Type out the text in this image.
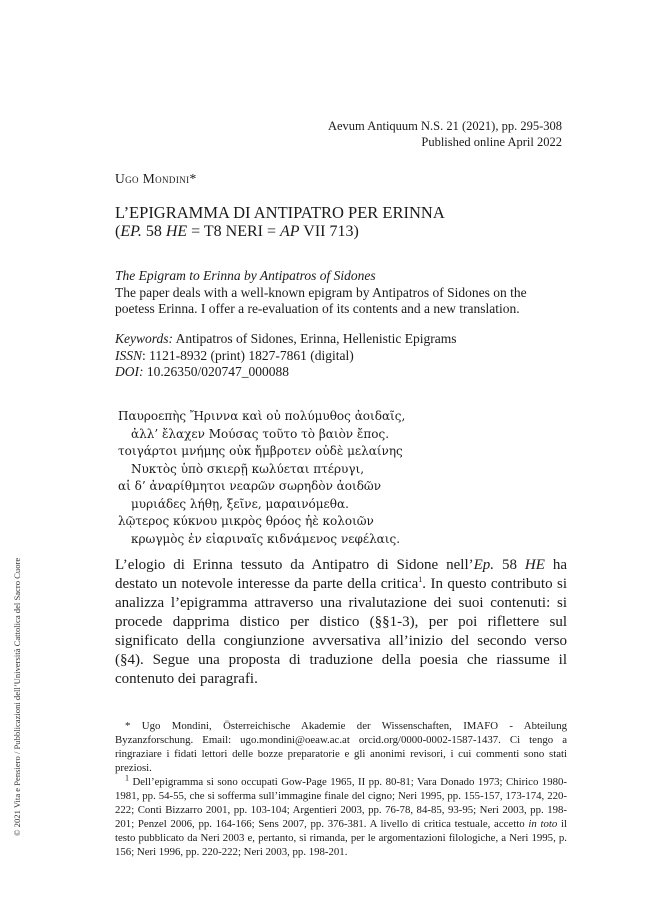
Aevum Antiquum N.S. 21 (2021), pp. 295-308
Published online April 2022
Ugo Mondini*
L’EPIGRAMMA DI ANTIPATRO PER ERINNA
(EP. 58 HE = T8 NERI = AP VII 713)
The Epigram to Erinna by Antipatros of Sidones
The paper deals with a well-known epigram by Antipatros of Sidones on the poetess Erinna. I offer a re-evaluation of its contents and a new translation.
Keywords: Antipatros of Sidones, Erinna, Hellenistic Epigrams
ISSN: 1121-8932 (print) 1827-7861 (digital)
DOI: 10.26350/020747_000088
Παυροεπὴς Ἤριννα καὶ οὐ πολύμυθος ἀοιδαῖς,
ἀλλ’ ἔλαχεν Μούσας τοῦτο τὸ βαιὸν ἔπος.
τοιγάρτοι μνήμης οὐκ ἤμβροτεν οὐδὲ μελαίνης
Νυκτὸς ὑπὸ σκιερῇ κωλύεται πτέρυγι,
αἱ δ’ ἀναρίθμητοι νεαρῶν σωρηδὸν ἀοιδῶν
μυριάδες λήθῃ, ξεῖνε, μαραινόμεθα.
λῷτερος κύκνου μικρὸς θρόος ἠὲ κολοιῶν
κρωγμὸς ἐν εἰαριναῖς κιδνάμενος νεφέλαις.
L’elogio di Erinna tessuto da Antipatro di Sidone nell’Ep. 58 HE ha destato un notevole interesse da parte della critica$^1$. In questo contributo si analizza l’epigramma attraverso una rivalutazione dei suoi contenuti: si procede dapprima distico per distico (§§1-3), per poi riflettere sul significato della congiunzione avversativa all’inizio del secondo verso (§4). Segue una proposta di traduzione della poesia che riassume il contenuto dei paragrafi.

* Ugo Mondini, Österreichische Akademie der Wissenschaften, IMAFO - Abteilung Byzanzforschung. Email: ugo.mondini@oeaw.ac.at orcid.org/0000-0002-1587-1437. Ci tengo a ringraziare i fidati lettori delle bozze preparatorie e gli anonimi revisori, i cui commenti sono stati preziosi.

$^1$ Dell’epigramma si sono occupati Gow-Page 1965, II pp. 80-81; Vara Donado 1973; Chirico 1980-1981, pp. 54-55, che si sofferma sull’immagine finale del cigno; Neri 1995, pp. 155-157, 173-174, 220-222; Conti Bizzarro 2001, pp. 103-104; Argentieri 2003, pp. 76-78, 84-85, 93-95; Neri 2003, pp. 198-201; Penzel 2006, pp. 164-166; Sens 2007, pp. 376-381. A livello di critica testuale, accetto in toto il testo pubblicato da Neri 2003 e, pertanto, si rimanda, per le argomentazioni filologiche, a Neri 1995, p. 156; Neri 1996, pp. 220-222; Neri 2003, pp. 198-201.

© 2021 Vita e Pensiero / Pubblicazioni dell’Università Cattolica del Sacro Cuore
